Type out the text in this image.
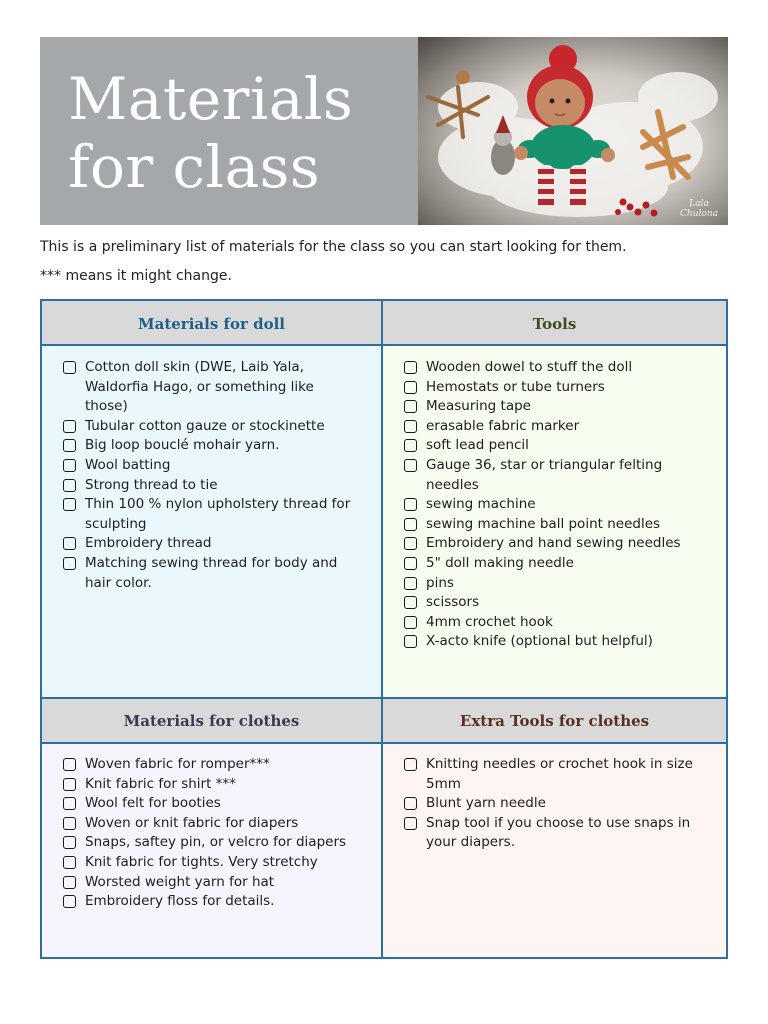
Materials
for class
Lala
Chulona

This is a preliminary list of materials for the class so you can start looking for them.

*** means it might change.

Materials for doll	Tools
Cotton doll skin (DWE, Laib Yala, Waldorfia Hago, or something like those)
Tubular cotton gauze or stockinette
Big loop bouclé mohair yarn.
Wool batting
Strong thread to tie
Thin 100 % nylon upholstery thread for sculpting
Embroidery thread
Matching sewing thread for body and hair color.
Wooden dowel to stuff the doll
Hemostats or tube turners
Measuring tape
erasable fabric marker
soft lead pencil
Gauge 36, star or triangular felting needles
sewing machine
sewing machine ball point needles
Embroidery and hand sewing needles
5" doll making needle
pins
scissors
4mm crochet hook
X-acto knife (optional but helpful)
Materials for clothes	Extra Tools for clothes
Woven fabric for romper***
Knit fabric for shirt ***
Wool felt for booties
Woven or knit fabric for diapers
Snaps, saftey pin, or velcro for diapers
Knit fabric for tights. Very stretchy
Worsted weight yarn for hat
Embroidery floss for details.
Knitting needles or crochet hook in size 5mm
Blunt yarn needle
Snap tool if you choose to use snaps in your diapers.
